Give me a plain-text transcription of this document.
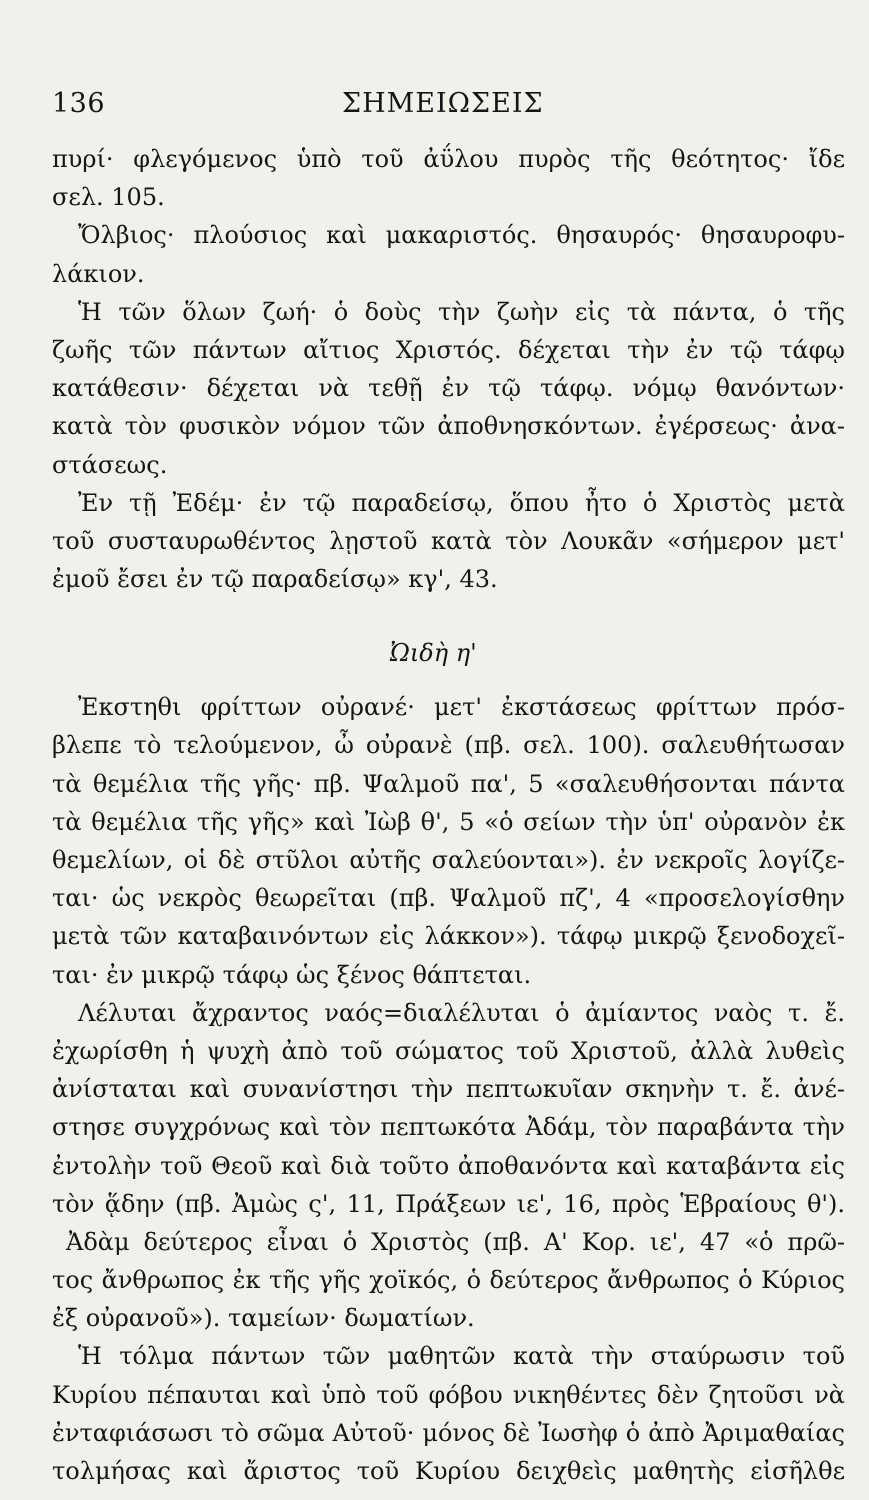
136	ΣΗΜΕΙΩΣΕΙΣ
πυρί· φλεγόμενος ὑπὸ τοῦ ἀΰλου πυρὸς τῆς θεότητος· ἴδε
σελ. 105.
Ὄλβιος· πλούσιος καὶ μακαριστός. θησαυρός· θησαυροφυ-
λάκιον.
Ἡ τῶν ὅλων ζωή· ὁ δοὺς τὴν ζωὴν εἰς τὰ πάντα, ὁ τῆς
ζωῆς τῶν πάντων αἴτιος Χριστός. δέχεται τὴν ἐν τῷ τάφῳ
κατάθεσιν· δέχεται νὰ τεθῇ ἐν τῷ τάφῳ. νόμῳ θανόντων·
κατὰ τὸν φυσικὸν νόμον τῶν ἀποθνησκόντων. ἐγέρσεως· ἀνα-
στάσεως.
Ἐν τῇ Ἐδέμ· ἐν τῷ παραδείσῳ, ὅπου ἦτο ὁ Χριστὸς μετὰ
τοῦ συσταυρωθέντος λῃστοῦ κατὰ τὸν Λουκᾶν «σήμερον μετ'
ἐμοῦ ἔσει ἐν τῷ παραδείσῳ» κγ', 43.
Ὠιδὴ η'
Ἐκστηθι φρίττων οὐρανέ· μετ' ἐκστάσεως φρίττων πρόσ-
βλεπε τὸ τελούμενον, ὦ οὐρανὲ (πβ. σελ. 100). σαλευθήτωσαν
τὰ θεμέλια τῆς γῆς· πβ. Ψαλμοῦ πα', 5 «σαλευθήσονται πάντα
τὰ θεμέλια τῆς γῆς» καὶ Ἰὼβ θ', 5 «ὁ σείων τὴν ὑπ' οὐρανὸν ἐκ
θεμελίων, οἱ δὲ στῦλοι αὐτῆς σαλεύονται»). ἐν νεκροῖς λογίζε-
ται· ὡς νεκρὸς θεωρεῖται (πβ. Ψαλμοῦ πζ', 4 «προσελογίσθην
μετὰ τῶν καταβαινόντων εἰς λάκκον»). τάφῳ μικρῷ ξενοδοχεῖ-
ται· ἐν μικρῷ τάφῳ ὡς ξένος θάπτεται.
Λέλυται ἄχραντος ναός=διαλέλυται ὁ ἀμίαντος ναὸς τ. ἔ.
ἐχωρίσθη ἡ ψυχὴ ἀπὸ τοῦ σώματος τοῦ Χριστοῦ, ἀλλὰ λυθεὶς
ἀνίσταται καὶ συνανίστησι τὴν πεπτωκυῖαν σκηνὴν τ. ἔ. ἀνέ-
στησε συγχρόνως καὶ τὸν πεπτωκότα Ἀδάμ, τὸν παραβάντα τὴν
ἐντολὴν τοῦ Θεοῦ καὶ διὰ τοῦτο ἀποθανόντα καὶ καταβάντα εἰς
τὸν ᾅδην (πβ. Ἀμὼς ς', 11, Πράξεων ιε', 16, πρὸς Ἑβραίους θ').
Ἀδὰμ δεύτερος εἶναι ὁ Χριστὸς (πβ. Α' Κορ. ιε', 47 «ὁ πρῶ-
τος ἄνθρωπος ἐκ τῆς γῆς χοϊκός, ὁ δεύτερος ἄνθρωπος ὁ Κύριος
ἐξ οὐρανοῦ»). ταμείων· δωματίων.
Ἡ τόλμα πάντων τῶν μαθητῶν κατὰ τὴν σταύρωσιν τοῦ
Κυρίου πέπαυται καὶ ὑπὸ τοῦ φόβου νικηθέντες δὲν ζητοῦσι νὰ
ἐνταφιάσωσι τὸ σῶμα Αὐτοῦ· μόνος δὲ Ἰωσὴφ ὁ ἀπὸ Ἀριμαθαίας
τολμήσας καὶ ἄριστος τοῦ Κυρίου δειχθεὶς μαθητὴς εἰσῆλθε
